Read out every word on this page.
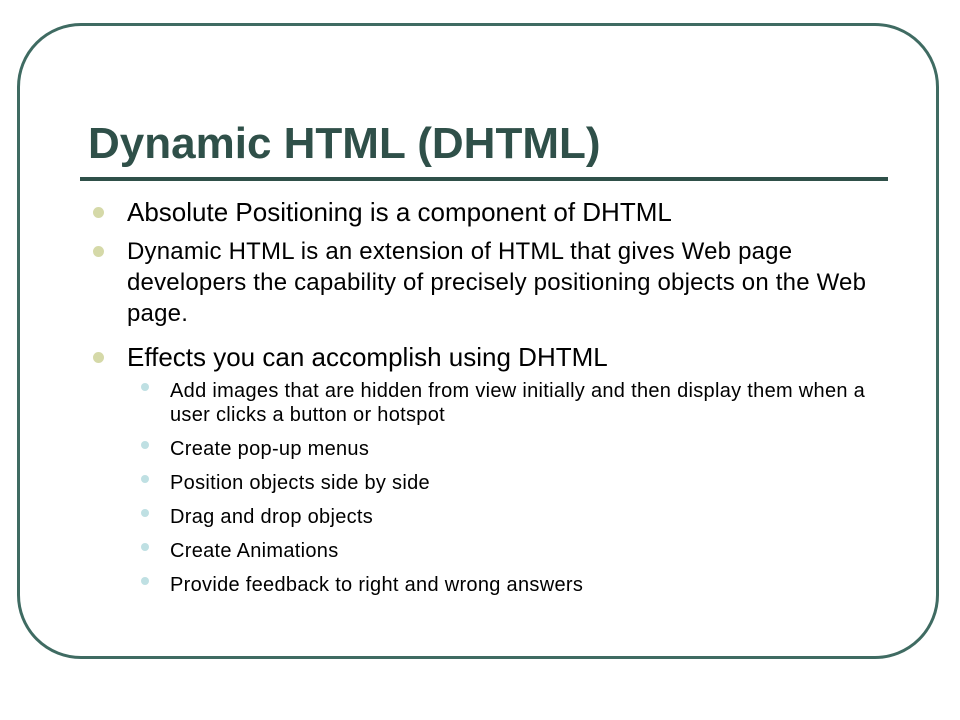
Dynamic HTML (DHTML)
Absolute Positioning is a component of DHTML
Dynamic HTML is an extension of HTML that gives Web page developers the capability of precisely positioning objects on the Web page.
Effects you can accomplish using DHTML
Add images that are hidden from view initially and then display them when a user clicks a button or hotspot
Create pop-up menus
Position objects side by side
Drag and drop objects
Create Animations
Provide feedback to right and wrong answers
